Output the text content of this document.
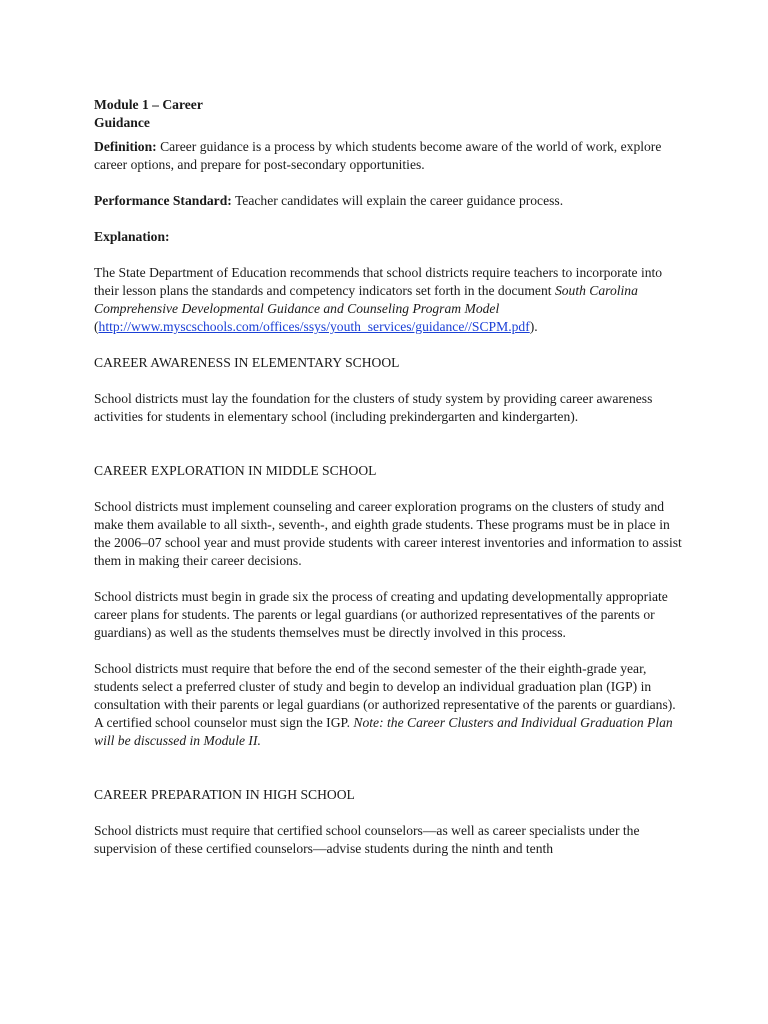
Module 1 – Career
Guidance

Definition: Career guidance is a process by which students become aware of the world of work, explore career options, and prepare for post-secondary opportunities.

Performance Standard: Teacher candidates will explain the career guidance process.

Explanation:

The State Department of Education recommends that school districts require teachers to incorporate into their lesson plans the standards and competency indicators set forth in the document South Carolina Comprehensive Developmental Guidance and Counseling Program Model (http://www.myscschools.com/offices/ssys/youth_services/guidance//SCPM.pdf).

CAREER AWARENESS IN ELEMENTARY SCHOOL

School districts must lay the foundation for the clusters of study system by providing career awareness activities for students in elementary school (including prekindergarten and kindergarten).

CAREER EXPLORATION IN MIDDLE SCHOOL

School districts must implement counseling and career exploration programs on the clusters of study and make them available to all sixth-, seventh-, and eighth grade students. These programs must be in place in the 2006–07 school year and must provide students with career interest inventories and information to assist them in making their career decisions.

School districts must begin in grade six the process of creating and updating developmentally appropriate career plans for students. The parents or legal guardians (or authorized representatives of the parents or guardians) as well as the students themselves must be directly involved in this process.

School districts must require that before the end of the second semester of the their eighth-grade year, students select a preferred cluster of study and begin to develop an individual graduation plan (IGP) in consultation with their parents or legal guardians (or authorized representative of the parents or guardians). A certified school counselor must sign the IGP. Note: the Career Clusters and Individual Graduation Plan will be discussed in Module II.

CAREER PREPARATION IN HIGH SCHOOL

School districts must require that certified school counselors—as well as career specialists under the supervision of these certified counselors—advise students during the ninth and tenth
